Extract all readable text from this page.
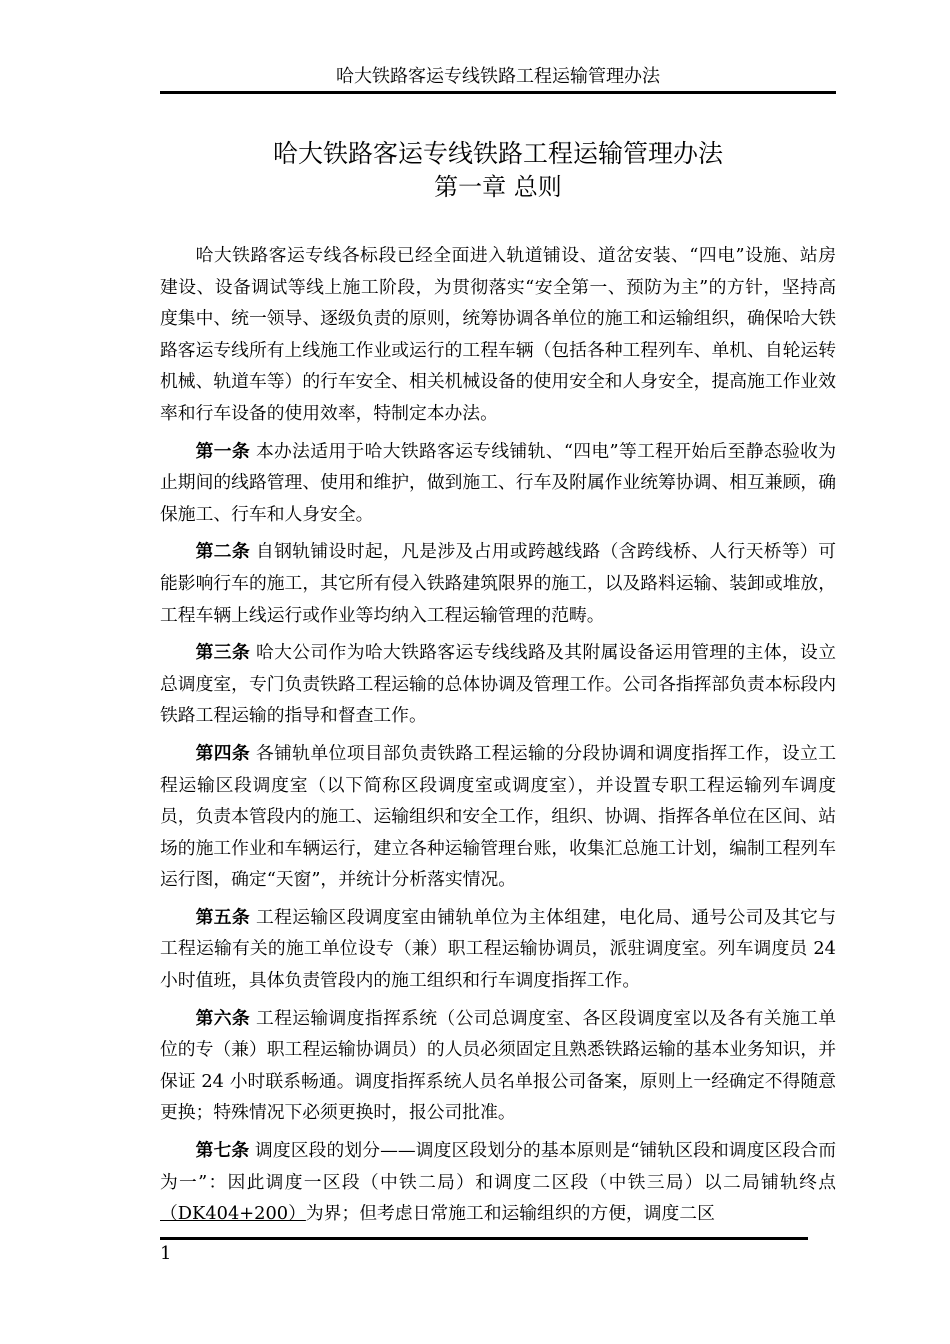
哈大铁路客运专线铁路工程运输管理办法
哈大铁路客运专线铁路工程运输管理办法
第一章 总则

哈大铁路客运专线各标段已经全面进入轨道铺设、道岔安装、“四电”设施、站房建设、设备调试等线上施工阶段，为贯彻落实“安全第一、预防为主”的方针，坚持高度集中、统一领导、逐级负责的原则，统筹协调各单位的施工和运输组织，确保哈大铁路客运专线所有上线施工作业或运行的工程车辆（包括各种工程列车、单机、自轮运转机械、轨道车等）的行车安全、相关机械设备的使用安全和人身安全，提高施工作业效率和行车设备的使用效率，特制定本办法。

第一条 本办法适用于哈大铁路客运专线铺轨、“四电”等工程开始后至静态验收为止期间的线路管理、使用和维护，做到施工、行车及附属作业统筹协调、相互兼顾，确保施工、行车和人身安全。

第二条 自钢轨铺设时起，凡是涉及占用或跨越线路（含跨线桥、人行天桥等）可能影响行车的施工，其它所有侵入铁路建筑限界的施工，以及路料运输、装卸或堆放，工程车辆上线运行或作业等均纳入工程运输管理的范畴。

第三条 哈大公司作为哈大铁路客运专线线路及其附属设备运用管理的主体，设立总调度室，专门负责铁路工程运输的总体协调及管理工作。公司各指挥部负责本标段内铁路工程运输的指导和督查工作。

第四条 各铺轨单位项目部负责铁路工程运输的分段协调和调度指挥工作，设立工程运输区段调度室（以下简称区段调度室或调度室），并设置专职工程运输列车调度员，负责本管段内的施工、运输组织和安全工作，组织、协调、指挥各单位在区间、站场的施工作业和车辆运行，建立各种运输管理台账，收集汇总施工计划，编制工程列车运行图，确定“天窗”，并统计分析落实情况。

第五条 工程运输区段调度室由铺轨单位为主体组建，电化局、通号公司及其它与工程运输有关的施工单位设专（兼）职工程运输协调员，派驻调度室。列车调度员 24 小时值班，具体负责管段内的施工组织和行车调度指挥工作。

第六条 工程运输调度指挥系统（公司总调度室、各区段调度室以及各有关施工单位的专（兼）职工程运输协调员）的人员必须固定且熟悉铁路运输的基本业务知识，并保证 24 小时联系畅通。调度指挥系统人员名单报公司备案，原则上一经确定不得随意更换；特殊情况下必须更换时，报公司批准。

第七条 调度区段的划分——调度区段划分的基本原则是“铺轨区段和调度区段合而为一”：因此调度一区段（中铁二局）和调度二区段（中铁三局）以二局铺轨终点（DK404+200）为界；但考虑日常施工和运输组织的方便，调度二区

1
